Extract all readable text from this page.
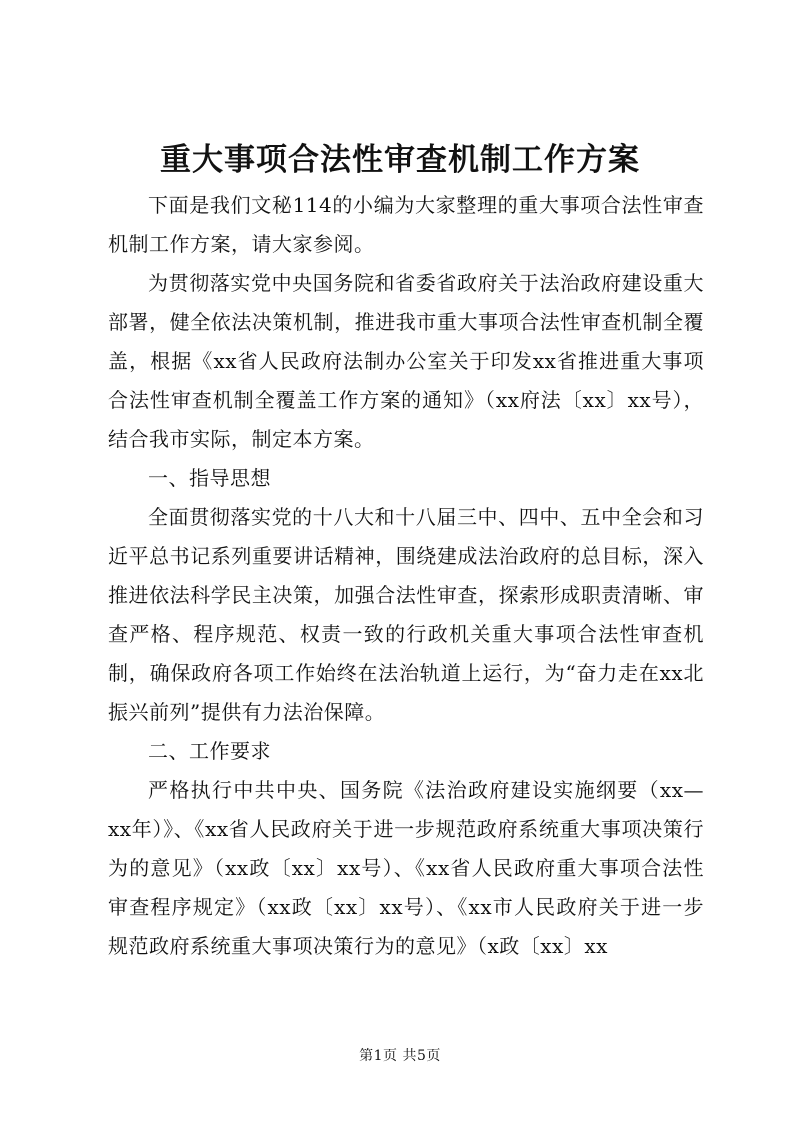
重大事项合法性审查机制工作方案

下面是我们文秘114的小编为大家整理的重大事项合法性审查机制工作方案，请大家参阅。

为贯彻落实党中央国务院和省委省政府关于法治政府建设重大部署，健全依法决策机制，推进我市重大事项合法性审查机制全覆盖，根据《xx省人民政府法制办公室关于印发xx省推进重大事项合法性审查机制全覆盖工作方案的通知》（xx府法〔xx〕xx号），结合我市实际，制定本方案。

一、指导思想

全面贯彻落实党的十八大和十八届三中、四中、五中全会和习近平总书记系列重要讲话精神，围绕建成法治政府的总目标，深入推进依法科学民主决策，加强合法性审查，探索形成职责清晰、审查严格、程序规范、权责一致的行政机关重大事项合法性审查机制，确保政府各项工作始终在法治轨道上运行，为“奋力走在xx北振兴前列”提供有力法治保障。

二、工作要求

严格执行中共中央、国务院《法治政府建设实施纲要（xx—xx年）》、《xx省人民政府关于进一步规范政府系统重大事项决策行为的意见》（xx政〔xx〕xx号）、《xx省人民政府重大事项合法性审查程序规定》（xx政〔xx〕xx号）、《xx市人民政府关于进一步规范政府系统重大事项决策行为的意见》（x政〔xx〕xx

第1页 共5页
